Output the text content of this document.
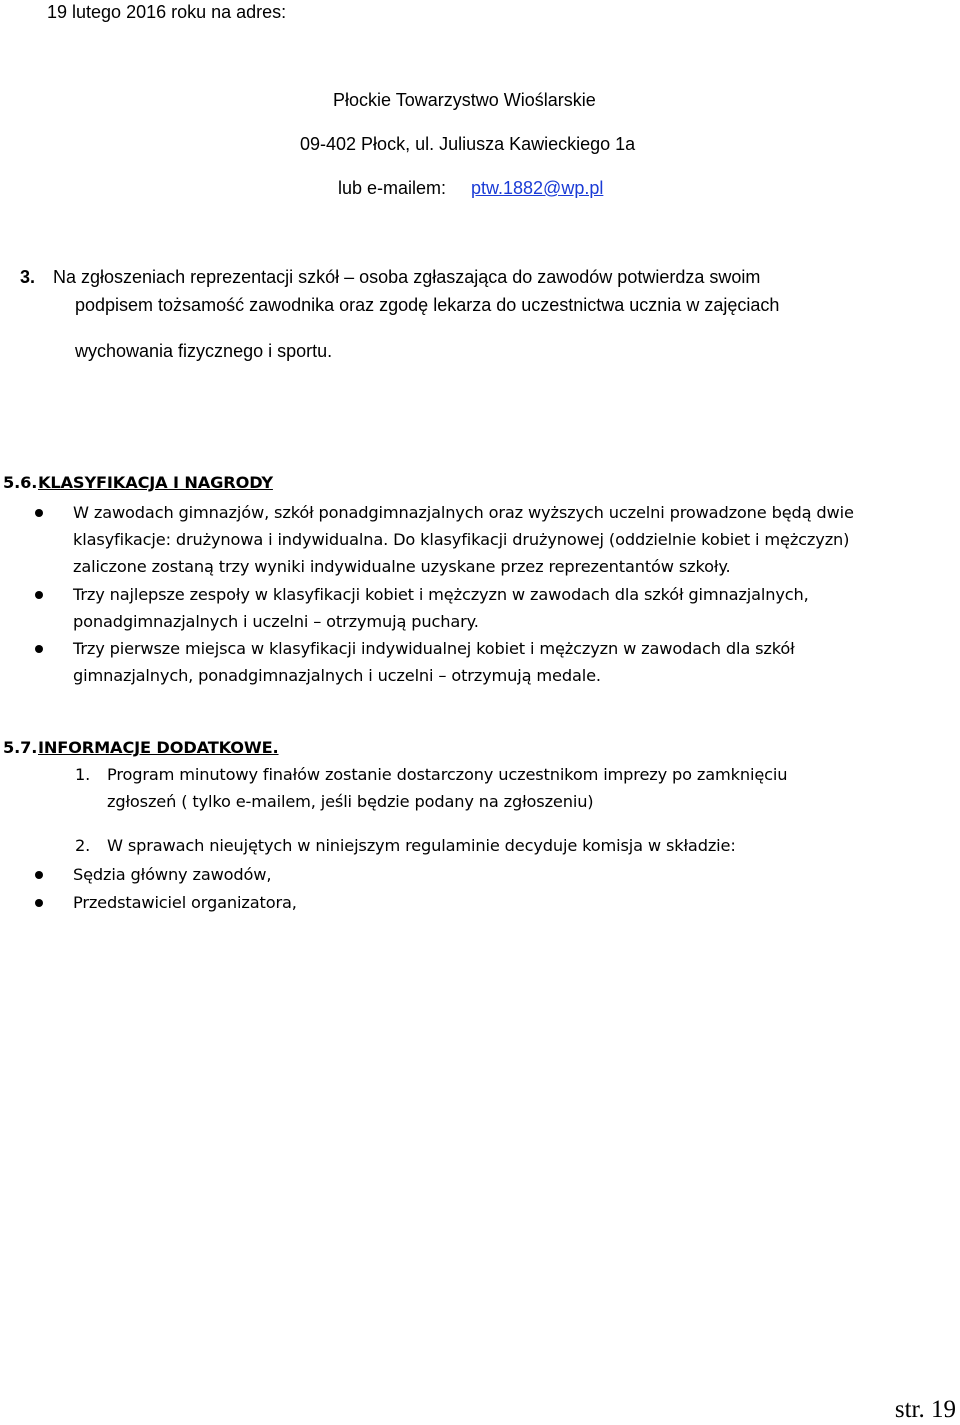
19 lutego 2016 roku na adres:
Płockie Towarzystwo Wioślarskie
09-402 Płock, ul. Juliusza Kawieckiego 1a
lub e-mailem: ptw.1882@wp.pl
3. Na zgłoszeniach reprezentacji szkół – osoba zgłaszająca do zawodów potwierdza swoim
podpisem tożsamość zawodnika oraz zgodę lekarza do uczestnictwa ucznia w zajęciach
wychowania fizycznego i sportu.
5.6. KLASYFIKACJA I NAGRODY
W zawodach gimnazjów, szkół ponadgimnazjalnych oraz wyższych uczelni prowadzone będą dwie
klasyfikacje: drużynowa i indywidualna. Do klasyfikacji drużynowej (oddzielnie kobiet i mężczyzn)
zaliczone zostaną trzy wyniki indywidualne uzyskane przez reprezentantów szkoły.
Trzy najlepsze zespoły w klasyfikacji kobiet i mężczyzn w zawodach dla szkół gimnazjalnych,
ponadgimnazjalnych i uczelni – otrzymują puchary.
Trzy pierwsze miejsca w klasyfikacji indywidualnej kobiet i mężczyzn w zawodach dla szkół
gimnazjalnych, ponadgimnazjalnych i uczelni – otrzymują medale.
5.7. INFORMACJE DODATKOWE.
1. Program minutowy finałów zostanie dostarczony uczestnikom imprezy po zamknięciu
zgłoszeń ( tylko e-mailem, jeśli będzie podany na zgłoszeniu)
2. W sprawach nieujętych w niniejszym regulaminie decyduje komisja w składzie:
Sędzia główny zawodów,
Przedstawiciel organizatora,
str. 19
